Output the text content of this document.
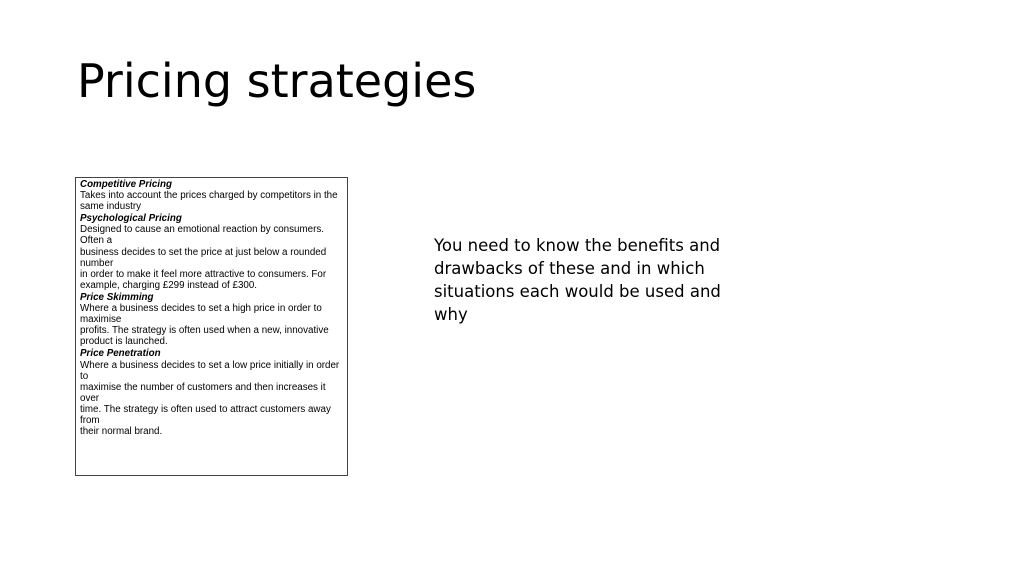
Pricing strategies
Competitive Pricing
Takes into account the prices charged by competitors in the
same industry
Psychological Pricing
Designed to cause an emotional reaction by consumers.
Often a
business decides to set the price at just below a rounded
number
in order to make it feel more attractive to consumers. For
example, charging £299 instead of £300.
Price Skimming
Where a business decides to set a high price in order to
maximise
profits. The strategy is often used when a new, innovative
product is launched.
Price Penetration
Where a business decides to set a low price initially in order
to
maximise the number of customers and then increases it
over
time. The strategy is often used to attract customers away
from
their normal brand.
You need to know the benefits and
drawbacks of these and in which
situations each would be used and
why
